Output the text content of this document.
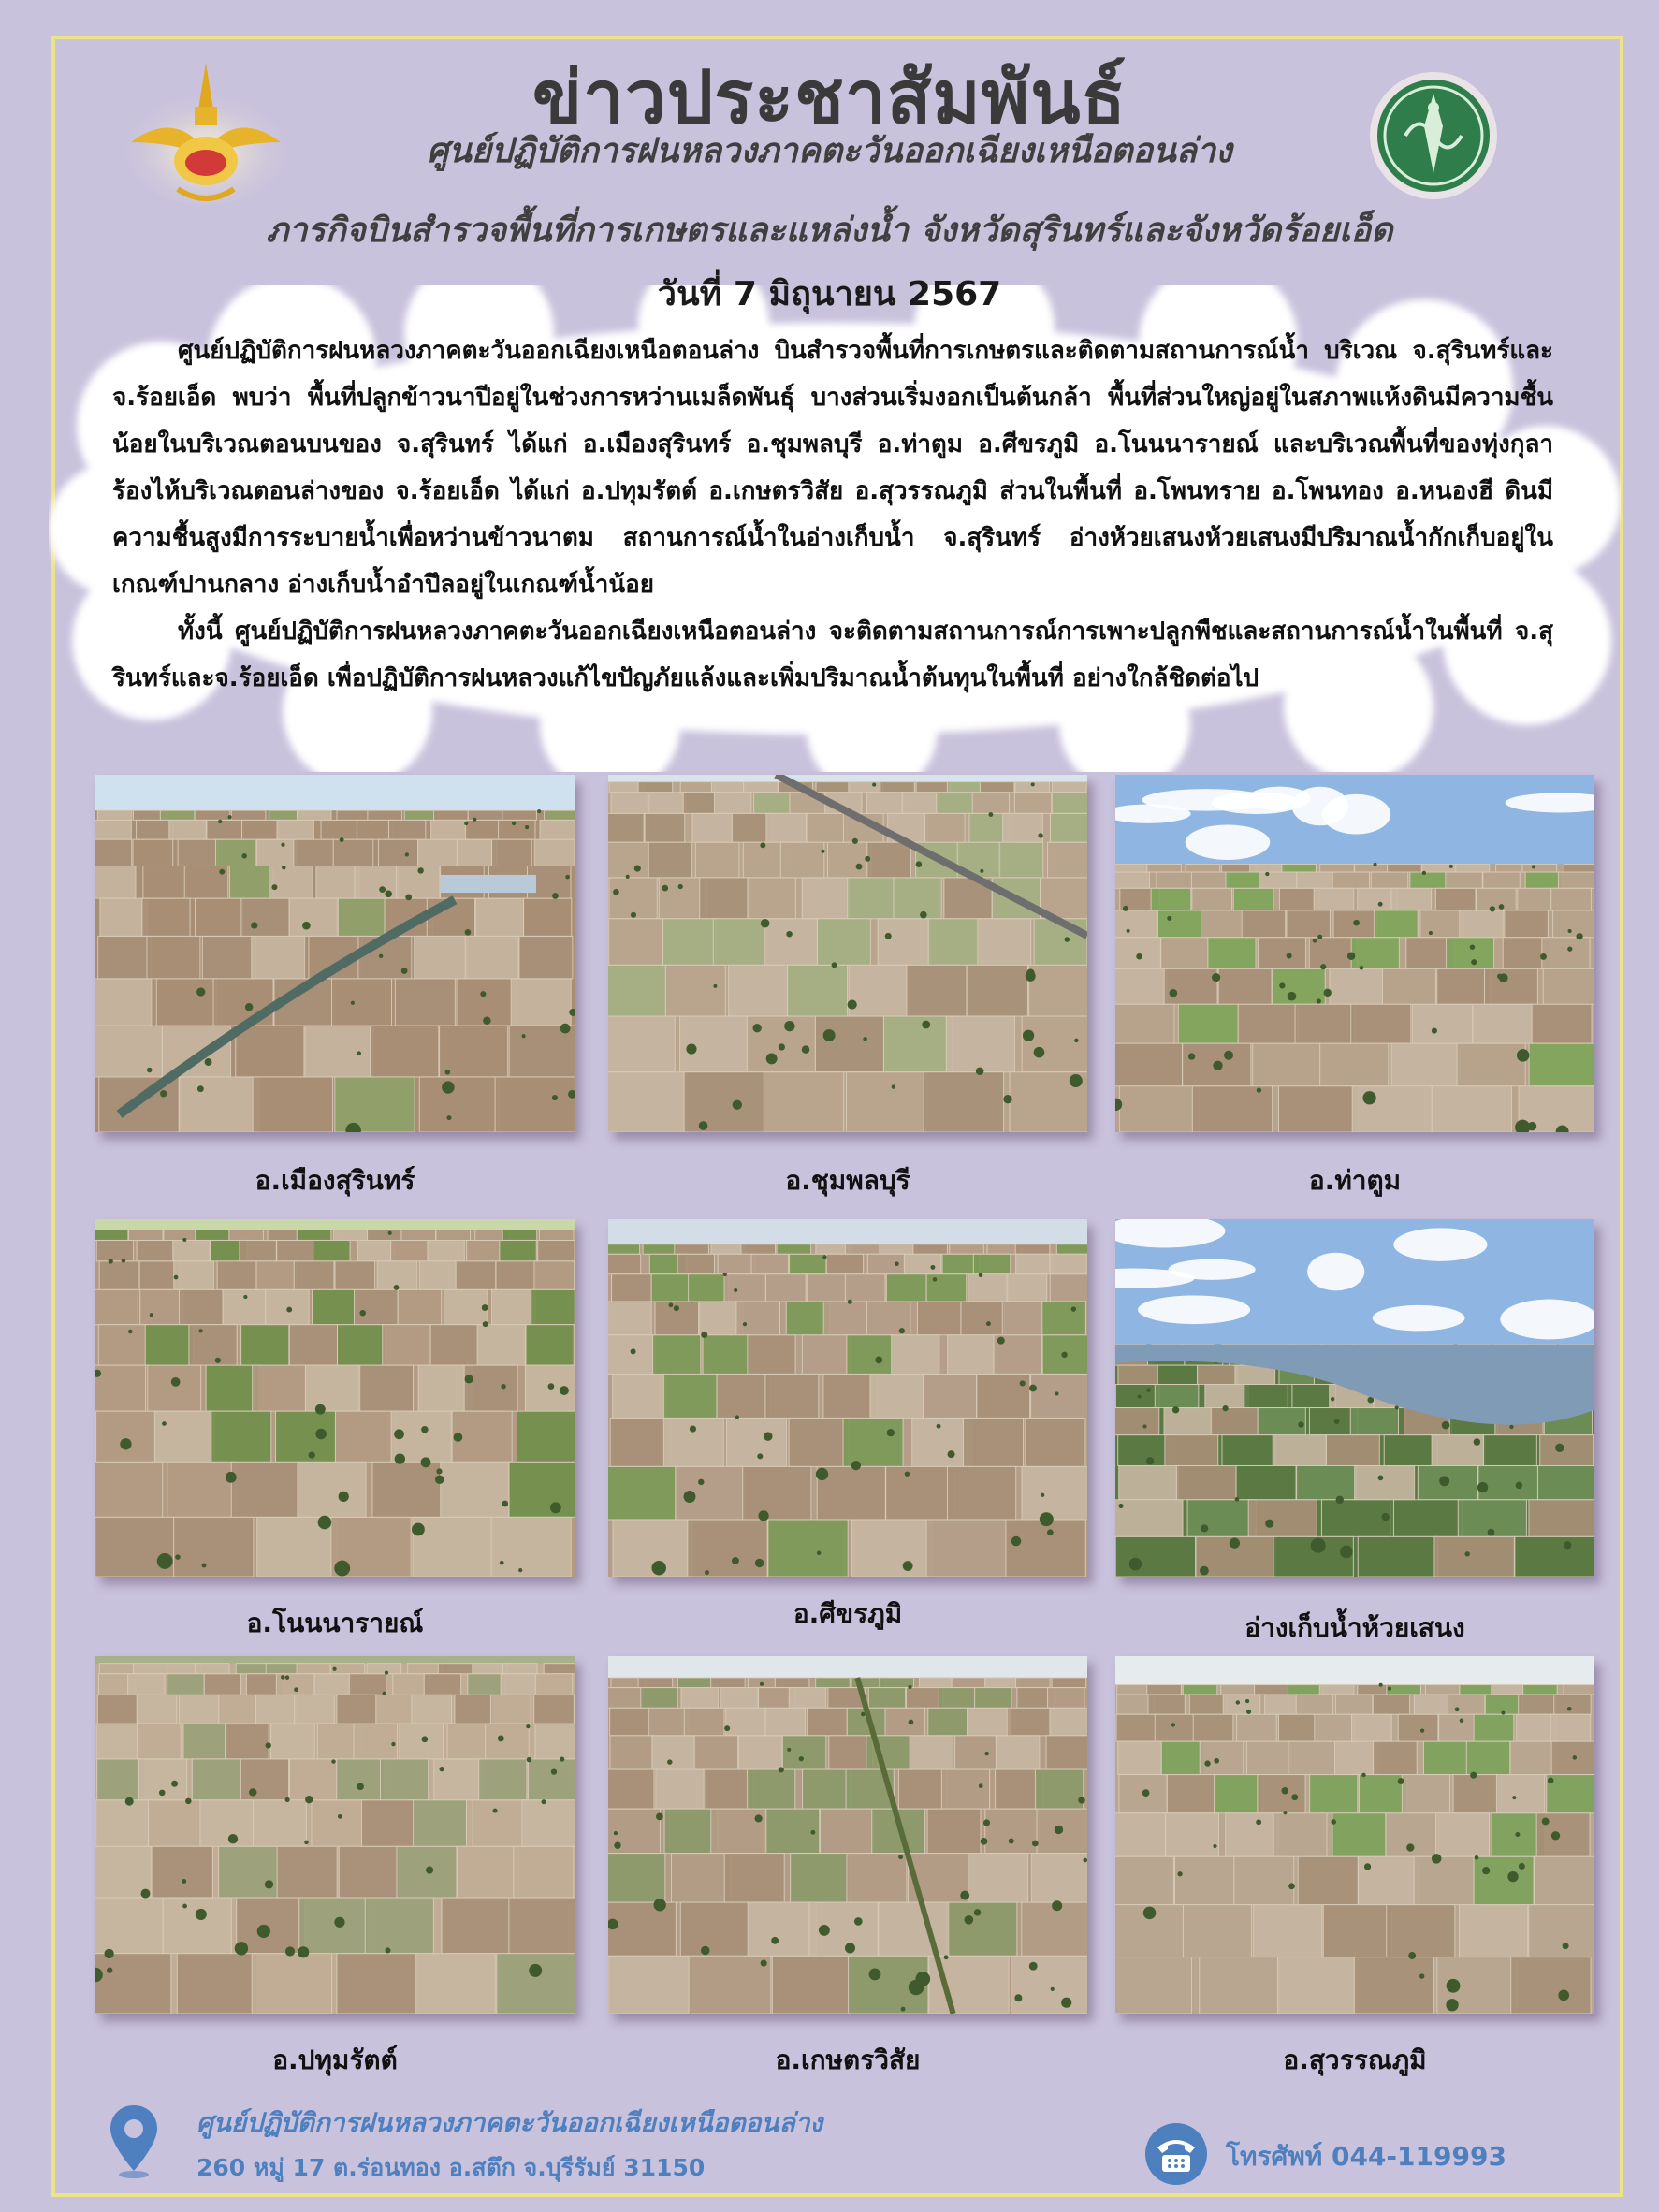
ข่าวประชาสัมพันธ์
ศูนย์ปฏิบัติการฝนหลวงภาคตะวันออกเฉียงเหนือตอนล่าง
ภารกิจบินสำรวจพื้นที่การเกษตรและแหล่งน้ำ จังหวัดสุรินทร์และจังหวัดร้อยเอ็ด
วันที่ 7 มิถุนายน 2567

ศูนย์ปฏิบัติการฝนหลวงภาคตะวันออกเฉียงเหนือตอนล่าง บินสำรวจพื้นที่การเกษตรและติดตามสถานการณ์น้ำ บริเวณ จ.สุรินทร์และจ.ร้อยเอ็ด พบว่า พื้นที่ปลูกข้าวนาปีอยู่ในช่วงการหว่านเมล็ดพันธุ์ บางส่วนเริ่มงอกเป็นต้นกล้า พื้นที่ส่วนใหญ่อยู่ในสภาพแห้งดินมีความชื้นน้อยในบริเวณตอนบนของ จ.สุรินทร์ ได้แก่ อ.เมืองสุรินทร์ อ.ชุมพลบุรี อ.ท่าตูม อ.ศีขรภูมิ อ.โนนนารายณ์ และบริเวณพื้นที่ของทุ่งกุลาร้องไห้บริเวณตอนล่างของ จ.ร้อยเอ็ด ได้แก่ อ.ปทุมรัตต์ อ.เกษตรวิสัย อ.สุวรรณภูมิ ส่วนในพื้นที่ อ.โพนทราย อ.โพนทอง อ.หนองฮี ดินมีความชื้นสูงมีการระบายน้ำเพื่อหว่านข้าวนาตม สถานการณ์น้ำในอ่างเก็บน้ำ จ.สุรินทร์ อ่างห้วยเสนงห้วยเสนงมีปริมาณน้ำกักเก็บอยู่ในเกณฑ์ปานกลาง อ่างเก็บน้ำอำปึลอยู่ในเกณฑ์น้ำน้อย

ทั้งนี้ ศูนย์ปฏิบัติการฝนหลวงภาคตะวันออกเฉียงเหนือตอนล่าง จะติดตามสถานการณ์การเพาะปลูกพืชและสถานการณ์น้ำในพื้นที่ จ.สุรินทร์และจ.ร้อยเอ็ด เพื่อปฏิบัติการฝนหลวงแก้ไขปัญภัยแล้งและเพิ่มปริมาณน้ำต้นทุนในพื้นที่ อย่างใกล้ชิดต่อไป

อ.เมืองสุรินทร์	อ.ชุมพลบุรี	อ.ท่าตูม
อ.โนนนารายณ์	อ.ศีขรภูมิ	อ่างเก็บน้ำห้วยเสนง
อ.ปทุมรัตต์	อ.เกษตรวิสัย	อ.สุวรรณภูมิ
ศูนย์ปฏิบัติการฝนหลวงภาคตะวันออกเฉียงเหนือตอนล่าง
260 หมู่ 17 ต.ร่อนทอง อ.สตึก จ.บุรีรัมย์ 31150	โทรศัพท์ 044-119993
